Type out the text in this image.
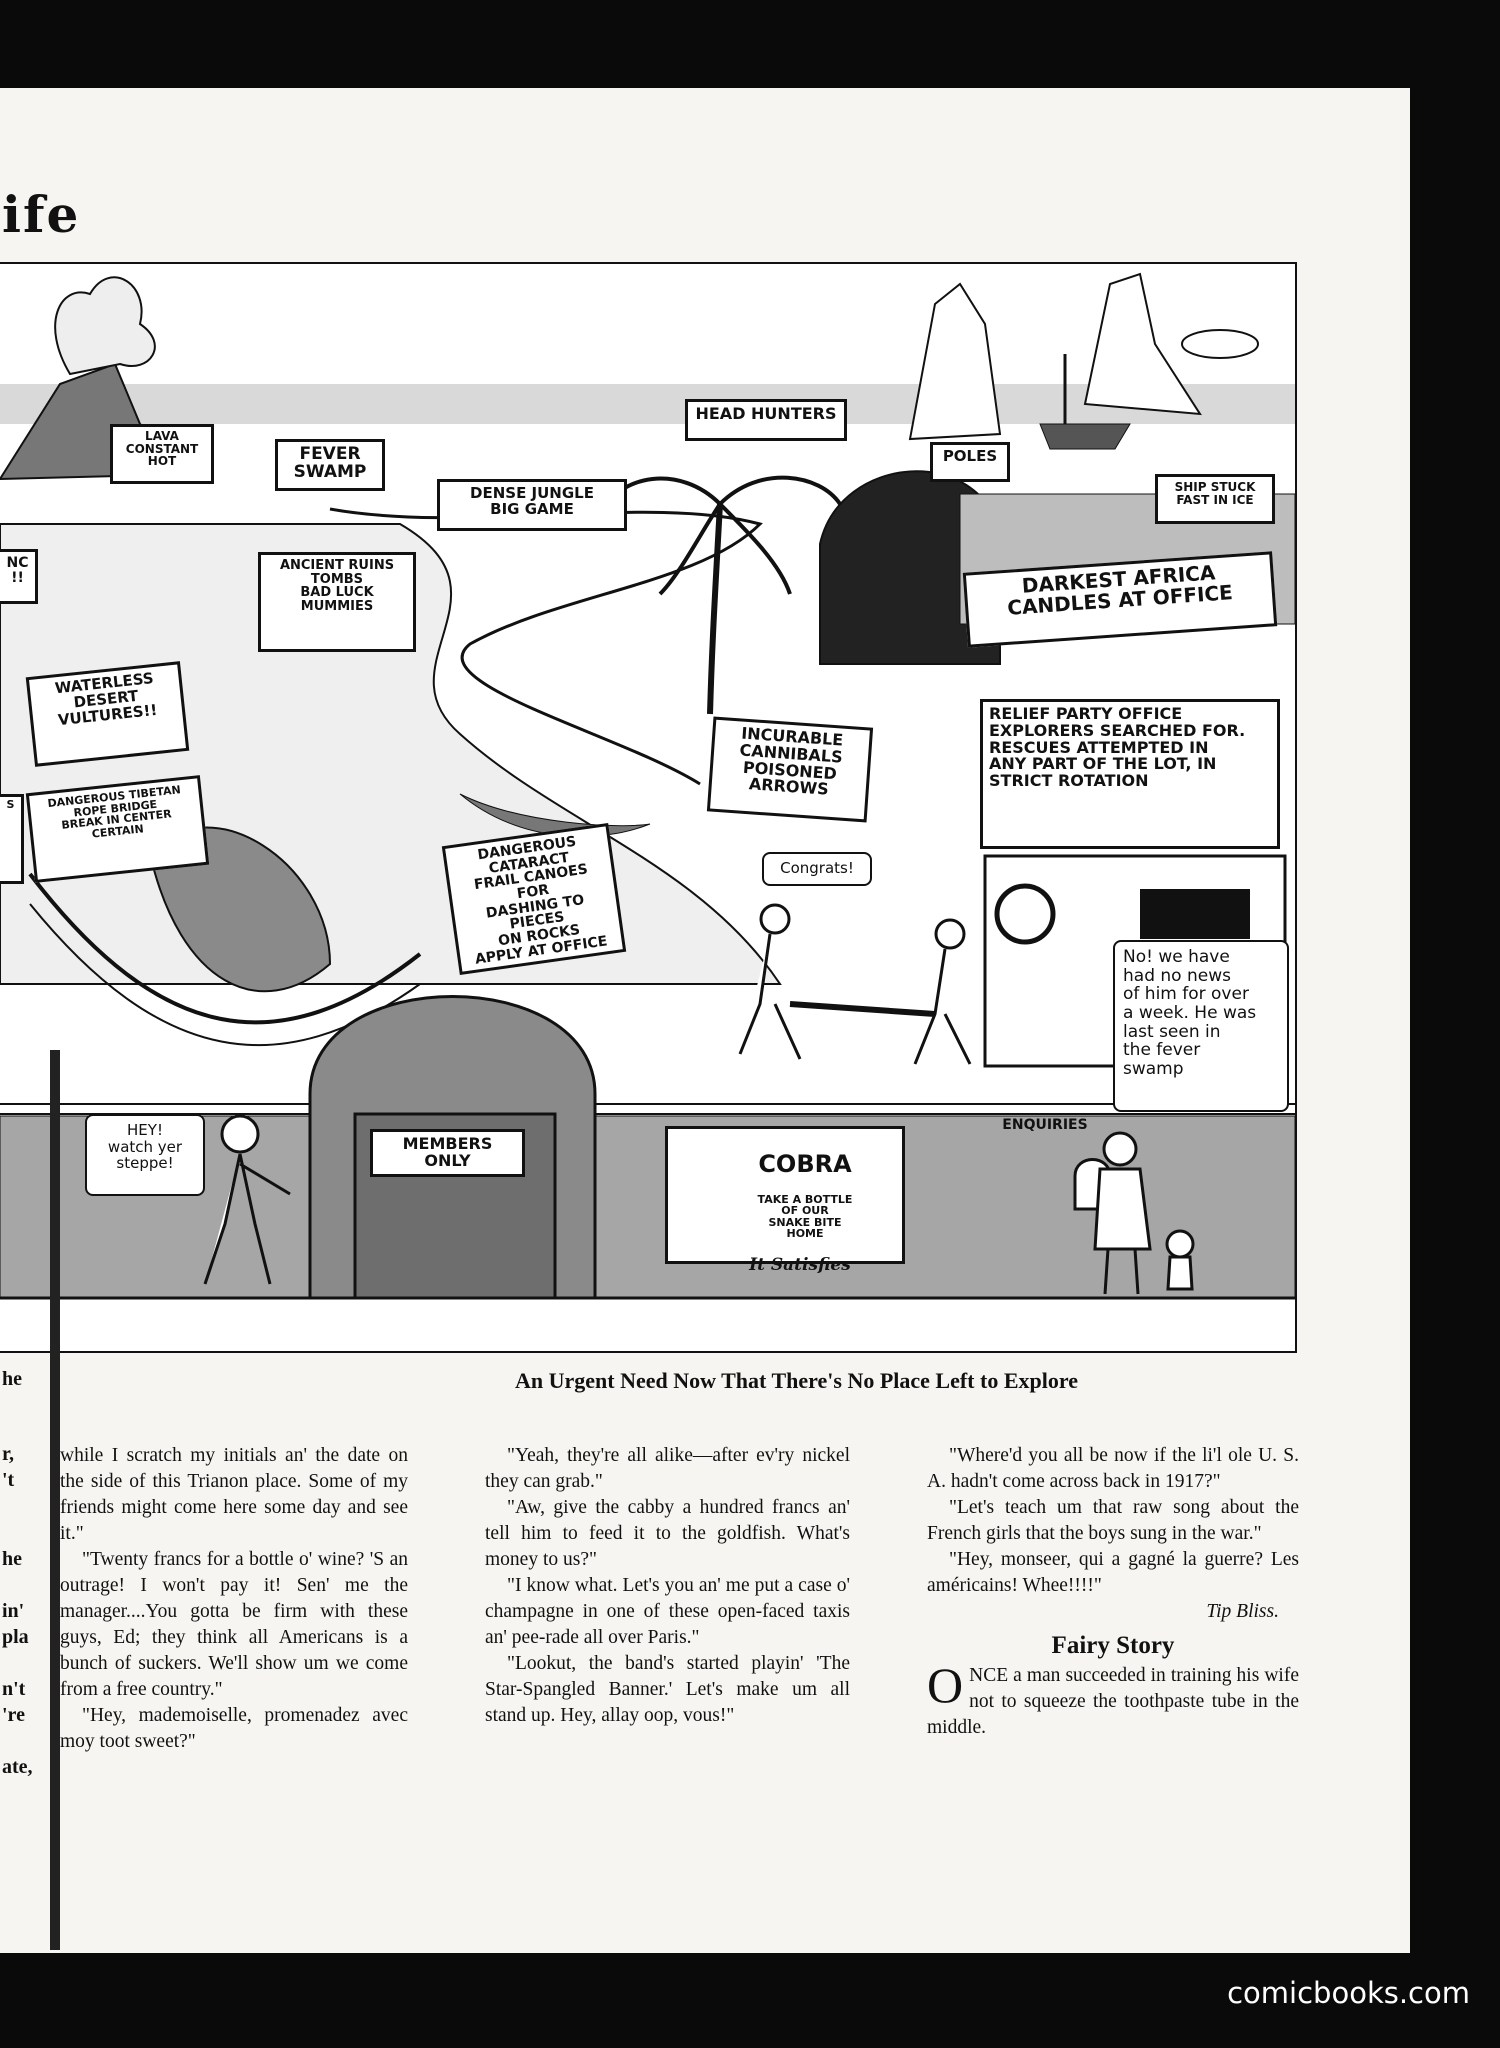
ife
LAVA
CONSTANT
HOT	FEVER
SWAMP
DENSE JUNGLE
BIG GAME
HEAD HUNTERS
POLES
SHIP STUCK
FAST IN ICE
NC
!!
ANCIENT RUINS
TOMBS
BAD LUCK
MUMMIES
DARKEST AFRICA
CANDLES AT OFFICE
WATERLESS
DESERT
VULTURES!!
DANGEROUS TIBETAN
ROPE BRIDGE
BREAK IN CENTER
CERTAIN
S
INCURABLE
CANNIBALS
POISONED ARROWS
RELIEF PARTY OFFICE
EXPLORERS SEARCHED FOR.
RESCUES ATTEMPTED IN
ANY PART OF THE LOT, IN
STRICT ROTATION
DANGEROUS
CATARACT
FRAIL CANOES FOR
DASHING TO PIECES
ON ROCKS
APPLY AT OFFICE
MEMBERS
ONLY
ENQUIRIES

COBRA

TAKE A BOTTLE
OF OUR
SNAKE BITE
HOME

It Satisfies

HEY!
watch yer
steppe!
Congrats!
No! we have
had no news
of him for over
a week. He was
last seen in
the fever
swamp
An Urgent Need Now That There's No Place Left to Explore
he
r,
't
he
in'
pla
n't
're
ate,

while I scratch my initials an' the date on the side of this Trianon place. Some of my friends might come here some day and see it."

"Twenty francs for a bottle o' wine? 'S an outrage! I won't pay it! Sen' me the manager....You gotta be firm with these guys, Ed; they think all Americans is a bunch of suckers. We'll show um we come from a free country."

"Hey, mademoiselle, promenadez avec moy toot sweet?"

"Yeah, they're all alike—after ev'ry nickel they can grab."

"Aw, give the cabby a hundred francs an' tell him to feed it to the goldfish. What's money to us?"

"I know what. Let's you an' me put a case o' champagne in one of these open-faced taxis an' pee-rade all over Paris."

"Lookut, the band's started playin' 'The Star-Spangled Banner.' Let's make um all stand up. Hey, allay oop, vous!"

"Where'd you all be now if the li'l ole U. S. A. hadn't come across back in 1917?"

"Let's teach um that raw song about the French girls that the boys sung in the war."

"Hey, monseer, qui a gagné la guerre? Les américains! Whee!!!!"

Tip Bliss.

Fairy Story

ONCE a man succeeded in training his wife not to squeeze the toothpaste tube in the middle.

comicbooks.com
